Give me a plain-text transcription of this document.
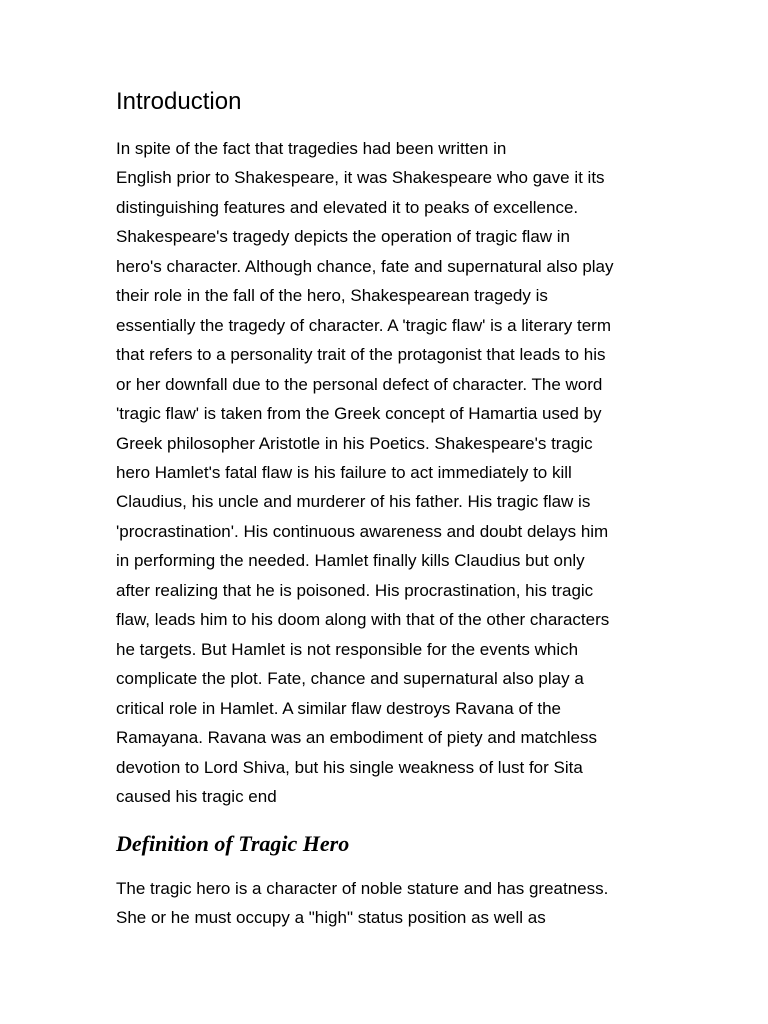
Introduction

In spite of the fact that tragedies had been written in
English prior to Shakespeare, it was Shakespeare who gave it its
distinguishing features and elevated it to peaks of excellence.
Shakespeare's tragedy depicts the operation of tragic flaw in
hero's character. Although chance, fate and supernatural also play
their role in the fall of the hero, Shakespearean tragedy is
essentially the tragedy of character. A 'tragic flaw' is a literary term
that refers to a personality trait of the protagonist that leads to his
or her downfall due to the personal defect of character. The word
'tragic flaw' is taken from the Greek concept of Hamartia used by
Greek philosopher Aristotle in his Poetics. Shakespeare's tragic
hero Hamlet's fatal flaw is his failure to act immediately to kill
Claudius, his uncle and murderer of his father. His tragic flaw is
'procrastination'. His continuous awareness and doubt delays him
in performing the needed. Hamlet finally kills Claudius but only
after realizing that he is poisoned. His procrastination, his tragic
flaw, leads him to his doom along with that of the other characters
he targets. But Hamlet is not responsible for the events which
complicate the plot. Fate, chance and supernatural also play a
critical role in Hamlet. A similar flaw destroys Ravana of the
Ramayana. Ravana was an embodiment of piety and matchless
devotion to Lord Shiva, but his single weakness of lust for Sita
caused his tragic end

Definition of Tragic Hero

The tragic hero is a character of noble stature and has greatness.
She or he must occupy a "high" status position as well as
